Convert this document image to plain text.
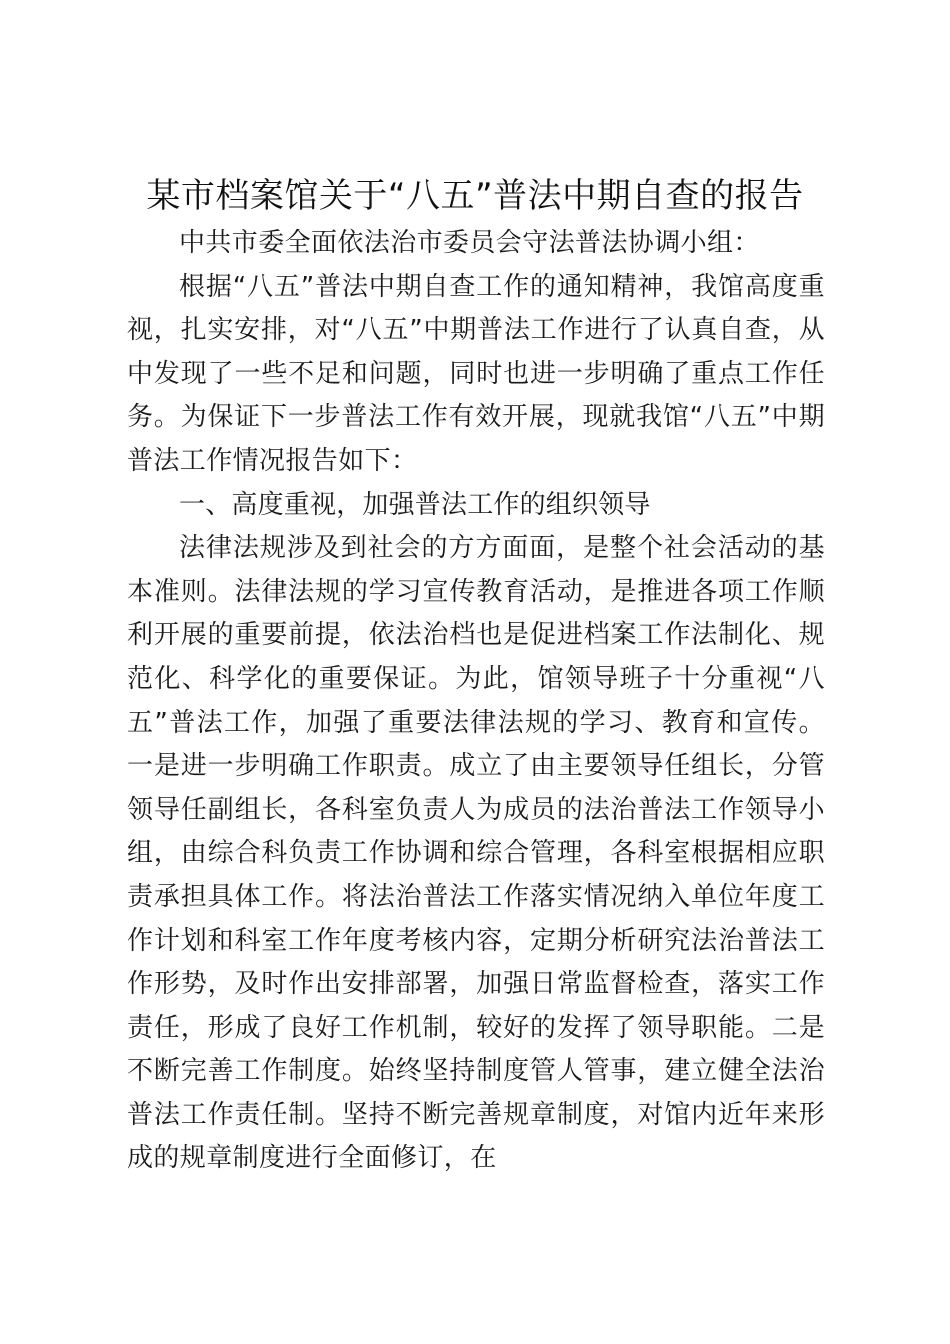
某市档案馆关于“八五”普法中期自查的报告

中共市委全面依法治市委员会守法普法协调小组：

根据“八五”普法中期自查工作的通知精神，我馆高度重视，扎实安排，对“八五”中期普法工作进行了认真自查，从中发现了一些不足和问题，同时也进一步明确了重点工作任务。为保证下一步普法工作有效开展，现就我馆“八五”中期普法工作情况报告如下：

一、高度重视，加强普法工作的组织领导

法律法规涉及到社会的方方面面，是整个社会活动的基本准则。法律法规的学习宣传教育活动，是推进各项工作顺利开展的重要前提，依法治档也是促进档案工作法制化、规范化、科学化的重要保证。为此，馆领导班子十分重视“八五”普法工作，加强了重要法律法规的学习、教育和宣传。一是进一步明确工作职责。成立了由主要领导任组长，分管领导任副组长，各科室负责人为成员的法治普法工作领导小组，由综合科负责工作协调和综合管理，各科室根据相应职责承担具体工作。将法治普法工作落实情况纳入单位年度工作计划和科室工作年度考核内容，定期分析研究法治普法工作形势，及时作出安排部署，加强日常监督检查，落实工作责任，形成了良好工作机制，较好的发挥了领导职能。二是不断完善工作制度。始终坚持制度管人管事，建立健全法治普法工作责任制。坚持不断完善规章制度，对馆内近年来形成的规章制度进行全面修订，在
